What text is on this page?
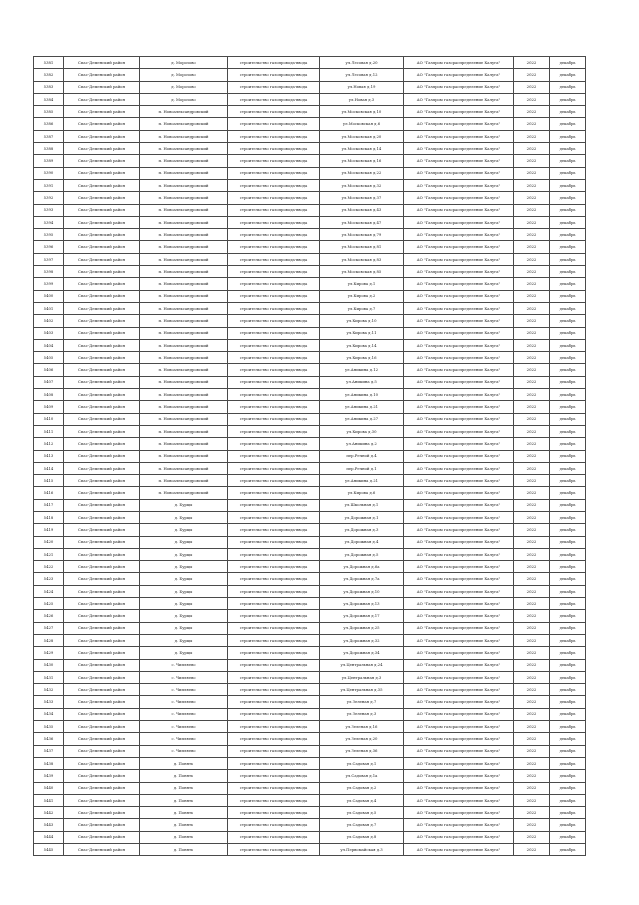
5381	Спас-Деменский район	д. Морозово	строительство газопровода-ввода	ул.Лесовая д.20	АО "Газпром газораспределение Калуга"	2022	декабрь
5382	Спас-Деменский район	д. Морозово	строительство газопровода-ввода	ул.Лесовая д.12	АО "Газпром газораспределение Калуга"	2022	декабрь
5383	Спас-Деменский район	д. Морозово	строительство газопровода-ввода	ул.Новая д.19	АО "Газпром газораспределение Калуга"	2022	декабрь
5384	Спас-Деменский район	д. Морозово	строительство газопровода-ввода	ул.Новая д.3	АО "Газпром газораспределение Калуга"	2022	декабрь
5385	Спас-Деменский район	п. Новоалександровский	строительство газопровода-ввода	ул.Московская д.10	АО "Газпром газораспределение Калуга"	2022	декабрь
5386	Спас-Деменский район	п. Новоалександровский	строительство газопровода-ввода	ул.Московская д.6	АО "Газпром газораспределение Калуга"	2022	декабрь
5387	Спас-Деменский район	п. Новоалександровский	строительство газопровода-ввода	ул.Московская д.20	АО "Газпром газораспределение Калуга"	2022	декабрь
5388	Спас-Деменский район	п. Новоалександровский	строительство газопровода-ввода	ул.Московская д.14	АО "Газпром газораспределение Калуга"	2022	декабрь
5389	Спас-Деменский район	п. Новоалександровский	строительство газопровода-ввода	ул.Московская д.16	АО "Газпром газораспределение Калуга"	2022	декабрь
5390	Спас-Деменский район	п. Новоалександровский	строительство газопровода-ввода	ул.Московская д.22	АО "Газпром газораспределение Калуга"	2022	декабрь
5391	Спас-Деменский район	п. Новоалександровский	строительство газопровода-ввода	ул.Московская д.32	АО "Газпром газораспределение Калуга"	2022	декабрь
5392	Спас-Деменский район	п. Новоалександровский	строительство газопровода-ввода	ул.Московская д.37	АО "Газпром газораспределение Калуга"	2022	декабрь
5393	Спас-Деменский район	п. Новоалександровский	строительство газопровода-ввода	ул.Московская д.43	АО "Газпром газораспределение Калуга"	2022	декабрь
5394	Спас-Деменский район	п. Новоалександровский	строительство газопровода-ввода	ул.Московская д.47	АО "Газпром газораспределение Калуга"	2022	декабрь
5395	Спас-Деменский район	п. Новоалександровский	строительство газопровода-ввода	ул.Московская д.79	АО "Газпром газораспределение Калуга"	2022	декабрь
5396	Спас-Деменский район	п. Новоалександровский	строительство газопровода-ввода	ул.Московская д.81	АО "Газпром газораспределение Калуга"	2022	декабрь
5397	Спас-Деменский район	п. Новоалександровский	строительство газопровода-ввода	ул.Московская д.83	АО "Газпром газораспределение Калуга"	2022	декабрь
5398	Спас-Деменский район	п. Новоалександровский	строительство газопровода-ввода	ул.Московская д.85	АО "Газпром газораспределение Калуга"	2022	декабрь
5399	Спас-Деменский район	п. Новоалександровский	строительство газопровода-ввода	ул.Кирова д.1	АО "Газпром газораспределение Калуга"	2022	декабрь
5400	Спас-Деменский район	п. Новоалександровский	строительство газопровода-ввода	ул.Кирова д.2	АО "Газпром газораспределение Калуга"	2022	декабрь
5401	Спас-Деменский район	п. Новоалександровский	строительство газопровода-ввода	ул.Кирова д.7	АО "Газпром газораспределение Калуга"	2022	декабрь
5402	Спас-Деменский район	п. Новоалександровский	строительство газопровода-ввода	ул.Кирова д.10	АО "Газпром газораспределение Калуга"	2022	декабрь
5403	Спас-Деменский район	п. Новоалександровский	строительство газопровода-ввода	ул.Кирова д.11	АО "Газпром газораспределение Калуга"	2022	декабрь
5404	Спас-Деменский район	п. Новоалександровский	строительство газопровода-ввода	ул.Кирова д.14	АО "Газпром газораспределение Калуга"	2022	декабрь
5405	Спас-Деменский район	п. Новоалександровский	строительство газопровода-ввода	ул.Кирова д.16	АО "Газпром газораспределение Калуга"	2022	декабрь
5406	Спас-Деменский район	п. Новоалександровский	строительство газопровода-ввода	ул.Аникина д.12	АО "Газпром газораспределение Калуга"	2022	декабрь
5407	Спас-Деменский район	п. Новоалександровский	строительство газопровода-ввода	ул.Аникина д.5	АО "Газпром газораспределение Калуга"	2022	декабрь
5408	Спас-Деменский район	п. Новоалександровский	строительство газопровода-ввода	ул.Аникина д.10	АО "Газпром газораспределение Калуга"	2022	декабрь
5409	Спас-Деменский район	п. Новоалександровский	строительство газопровода-ввода	ул.Аникина д.21	АО "Газпром газораспределение Калуга"	2022	декабрь
5410	Спас-Деменский район	п. Новоалександровский	строительство газопровода-ввода	ул.Аникина д.27	АО "Газпром газораспределение Калуга"	2022	декабрь
5411	Спас-Деменский район	п. Новоалександровский	строительство газопровода-ввода	ул.Кирова д.30	АО "Газпром газораспределение Калуга"	2022	декабрь
5412	Спас-Деменский район	п. Новоалександровский	строительство газопровода-ввода	ул.Аникина д.2	АО "Газпром газораспределение Калуга"	2022	декабрь
5413	Спас-Деменский район	п. Новоалександровский	строительство газопровода-ввода	пер.Речной д.4	АО "Газпром газораспределение Калуга"	2022	декабрь
5414	Спас-Деменский район	п. Новоалександровский	строительство газопровода-ввода	пер.Речной д.1	АО "Газпром газораспределение Калуга"	2022	декабрь
5415	Спас-Деменский район	п. Новоалександровский	строительство газопровода-ввода	ул.Аникина д.21	АО "Газпром газораспределение Калуга"	2022	декабрь
5416	Спас-Деменский район	п. Новоалександровский	строительство газопровода-ввода	ул.Кирова д.6	АО "Газпром газораспределение Калуга"	2022	декабрь
5417	Спас-Деменский район	д. Бурцы	строительство газопровода-ввода	ул.Школьная д.1	АО "Газпром газораспределение Калуга"	2022	декабрь
5418	Спас-Деменский район	д. Бурцы	строительство газопровода-ввода	ул.Дорожная д.1	АО "Газпром газораспределение Калуга"	2022	декабрь
5419	Спас-Деменский район	д. Бурцы	строительство газопровода-ввода	ул.Дорожная д.3	АО "Газпром газораспределение Калуга"	2022	декабрь
5420	Спас-Деменский район	д. Бурцы	строительство газопровода-ввода	ул.Дорожная д.4	АО "Газпром газораспределение Калуга"	2022	декабрь
5421	Спас-Деменский район	д. Бурцы	строительство газопровода-ввода	ул.Дорожная д.5	АО "Газпром газораспределение Калуга"	2022	декабрь
5422	Спас-Деменский район	д. Бурцы	строительство газопровода-ввода	ул.Дорожная д.6а	АО "Газпром газораспределение Калуга"	2022	декабрь
5423	Спас-Деменский район	д. Бурцы	строительство газопровода-ввода	ул.Дорожная д.7а	АО "Газпром газораспределение Калуга"	2022	декабрь
5424	Спас-Деменский район	д. Бурцы	строительство газопровода-ввода	ул.Дорожная д.10	АО "Газпром газораспределение Калуга"	2022	декабрь
5425	Спас-Деменский район	д. Бурцы	строительство газопровода-ввода	ул.Дорожная д.13	АО "Газпром газораспределение Калуга"	2022	декабрь
5426	Спас-Деменский район	д. Бурцы	строительство газопровода-ввода	ул.Дорожная д.17	АО "Газпром газораспределение Калуга"	2022	декабрь
5427	Спас-Деменский район	д. Бурцы	строительство газопровода-ввода	ул.Дорожная д.25	АО "Газпром газораспределение Калуга"	2022	декабрь
5428	Спас-Деменский район	д. Бурцы	строительство газопровода-ввода	ул.Дорожная д.32	АО "Газпром газораспределение Калуга"	2022	декабрь
5429	Спас-Деменский район	д. Бурцы	строительство газопровода-ввода	ул.Дорожная д.34	АО "Газпром газораспределение Калуга"	2022	декабрь
5430	Спас-Деменский район	с. Чипляево	строительство газопровода-ввода	ул.Центральная д.24	АО "Газпром газораспределение Калуга"	2022	декабрь
5431	Спас-Деменский район	с. Чипляево	строительство газопровода-ввода	ул.Центральная д.3	АО "Газпром газораспределение Калуга"	2022	декабрь
5432	Спас-Деменский район	с. Чипляево	строительство газопровода-ввода	ул.Центральная д.35	АО "Газпром газораспределение Калуга"	2022	декабрь
5433	Спас-Деменский район	с. Чипляево	строительство газопровода-ввода	ул.Зеленая д.7	АО "Газпром газораспределение Калуга"	2022	декабрь
5434	Спас-Деменский район	с. Чипляево	строительство газопровода-ввода	ул.Зеленая д.3	АО "Газпром газораспределение Калуга"	2022	декабрь
5435	Спас-Деменский район	с. Чипляево	строительство газопровода-ввода	ул.Зеленая д.16	АО "Газпром газораспределение Калуга"	2022	декабрь
5436	Спас-Деменский район	с. Чипляево	строительство газопровода-ввода	ул.Зеленая д.20	АО "Газпром газораспределение Калуга"	2022	декабрь
5437	Спас-Деменский район	с. Чипляево	строительство газопровода-ввода	ул.Зеленая д.36	АО "Газпром газораспределение Калуга"	2022	декабрь
5438	Спас-Деменский район	д. Понять	строительство газопровода-ввода	ул.Садовая д.1	АО "Газпром газораспределение Калуга"	2022	декабрь
5439	Спас-Деменский район	д. Понять	строительство газопровода-ввода	ул.Садовая д.1а	АО "Газпром газораспределение Калуга"	2022	декабрь
5440	Спас-Деменский район	д. Понять	строительство газопровода-ввода	ул.Садовая д.2	АО "Газпром газораспределение Калуга"	2022	декабрь
5441	Спас-Деменский район	д. Понять	строительство газопровода-ввода	ул.Садовая д.4	АО "Газпром газораспределение Калуга"	2022	декабрь
5442	Спас-Деменский район	д. Понять	строительство газопровода-ввода	ул.Садовая д.5	АО "Газпром газораспределение Калуга"	2022	декабрь
5443	Спас-Деменский район	д. Понять	строительство газопровода-ввода	ул.Садовая д.7	АО "Газпром газораспределение Калуга"	2022	декабрь
5444	Спас-Деменский район	д. Понять	строительство газопровода-ввода	ул.Садовая д.8	АО "Газпром газораспределение Калуга"	2022	декабрь
5445	Спас-Деменский район	д. Понять	строительство газопровода-ввода	ул.Первомайская д.3	АО "Газпром газораспределение Калуга"	2022	декабрь
